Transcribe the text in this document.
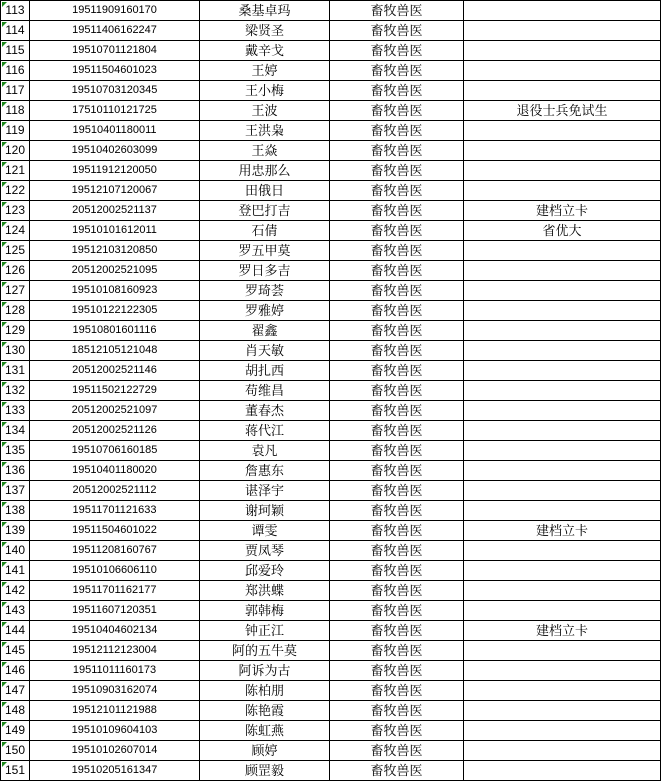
113	19511909160170	桑基卓玛	畜牧兽医	
114	19511406162247	梁贤圣	畜牧兽医	
115	19510701121804	戴辛戈	畜牧兽医	
116	19511504601023	王婷	畜牧兽医	
117	19510703120345	王小梅	畜牧兽医	
118	17510110121725	王波	畜牧兽医	退役士兵免试生
119	19510401180011	王洪枭	畜牧兽医	
120	19510402603099	王焱	畜牧兽医	
121	19511912120050	用忠那么	畜牧兽医	
122	19512107120067	田俄日	畜牧兽医	
123	20512002521137	登巴打吉	畜牧兽医	建档立卡
124	19510101612011	石倩	畜牧兽医	省优大
125	19512103120850	罗五甲莫	畜牧兽医	
126	20512002521095	罗日多吉	畜牧兽医	
127	19510108160923	罗琦荟	畜牧兽医	
128	19510122122305	罗雅婷	畜牧兽医	
129	19510801601116	翟鑫	畜牧兽医	
130	18512105121048	肖天敏	畜牧兽医	
131	20512002521146	胡扎西	畜牧兽医	
132	19511502122729	苟维昌	畜牧兽医	
133	20512002521097	董春杰	畜牧兽医	
134	20512002521126	蒋代江	畜牧兽医	
135	19510706160185	袁凡	畜牧兽医	
136	19510401180020	詹惠东	畜牧兽医	
137	20512002521112	谌泽宇	畜牧兽医	
138	19511701121633	谢珂颖	畜牧兽医	
139	19511504601022	谭雯	畜牧兽医	建档立卡
140	19511208160767	贾凤琴	畜牧兽医	
141	19510106606110	邱爱玲	畜牧兽医	
142	19511701162177	郑洪蝶	畜牧兽医	
143	19511607120351	郭韩梅	畜牧兽医	
144	19510404602134	钟正江	畜牧兽医	建档立卡
145	19512112123004	阿的五牛莫	畜牧兽医	
146	19511011160173	阿诉为古	畜牧兽医	
147	19510903162074	陈柏朋	畜牧兽医	
148	19512101121988	陈艳霞	畜牧兽医	
149	19510109604103	陈虹燕	畜牧兽医	
150	19510102607014	顾婷	畜牧兽医	
151	19510205161347	顾罡毅	畜牧兽医	
